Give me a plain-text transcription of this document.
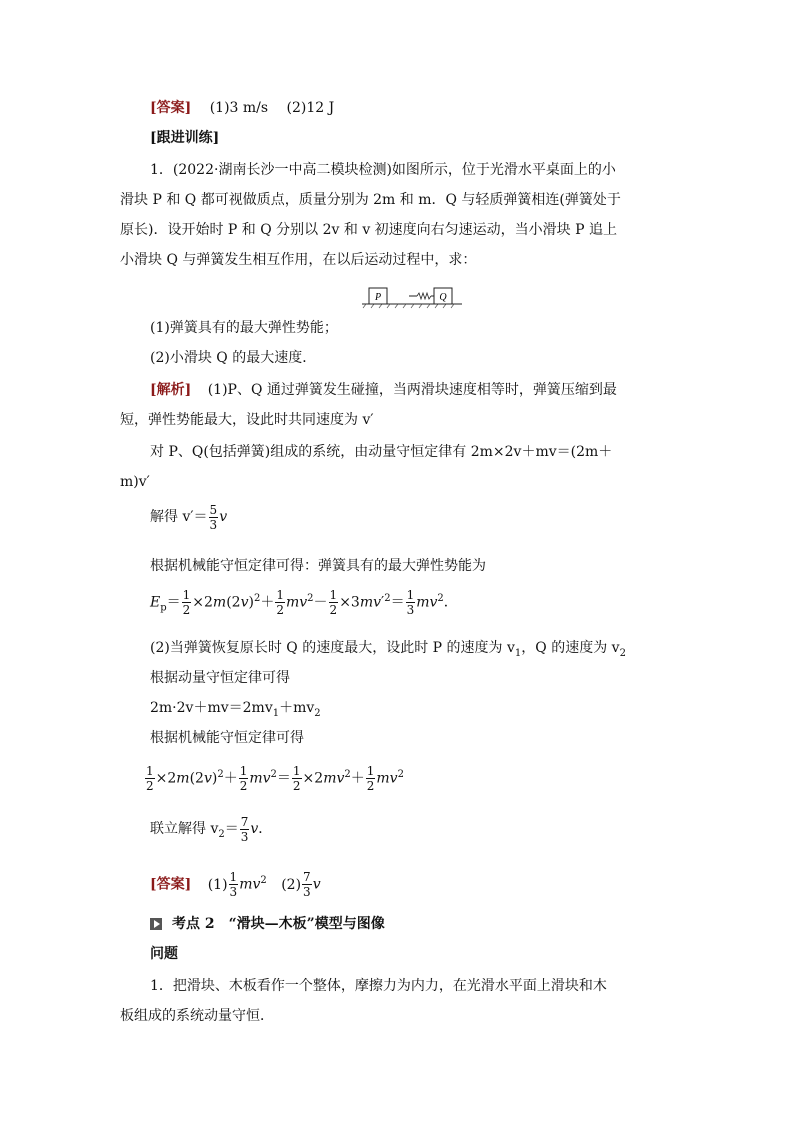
[答案] (1)3 m/s (2)12 J
[跟进训练]
1．(2022·湖南长沙一中高二模块检测)如图所示，位于光滑水平桌面上的小
滑块 P 和 Q 都可视做质点，质量分别为 2m 和 m．Q 与轻质弹簧相连(弹簧处于
原长)．设开始时 P 和 Q 分别以 2v 和 v 初速度向右匀速运动，当小滑块 P 追上
小滑块 Q 与弹簧发生相互作用，在以后运动过程中，求：
P	Q
(1)弹簧具有的最大弹性势能；
(2)小滑块 Q 的最大速度．
[解析] (1)P、Q 通过弹簧发生碰撞，当两滑块速度相等时，弹簧压缩到最
短，弹性势能最大，设此时共同速度为 v′
对 P、Q(包括弹簧)组成的系统，由动量守恒定律有 2m×2v＋mv＝(2m＋
m)v′
解得 $v'= \frac{5}{3}$ v
根据机械能守恒定律可得：弹簧具有的最大弹性势能为
$E_p= \frac{1}{2} \times 2m(2v)^2+ \frac{1}{2} mv^2- \frac{1}{2} \times 3mv'^2= \frac{1}{3} mv^2$．
(2)当弹簧恢复原长时 Q 的速度最大，设此时 P 的速度为 $v_1$，Q 的速度为 $v_2$
根据动量守恒定律可得
$2m\cdot 2v+mv=2mv_1+mv_2$
根据机械能守恒定律可得
$\frac{1}{2} \times 2m(2v)^2+ \frac{1}{2} mv^2= \frac{1}{2} \times 2mv^2+ \frac{1}{2} mv^2$
联立解得 $v_2= \frac{7}{3}$ v．
[答案] $(1) \frac{1}{3} mv^2$ $(2) \frac{7}{3}$ v
考点 2　“滑块—木板”模型与图像
问题
1．把滑块、木板看作一个整体，摩擦力为内力，在光滑水平面上滑块和木
板组成的系统动量守恒．
